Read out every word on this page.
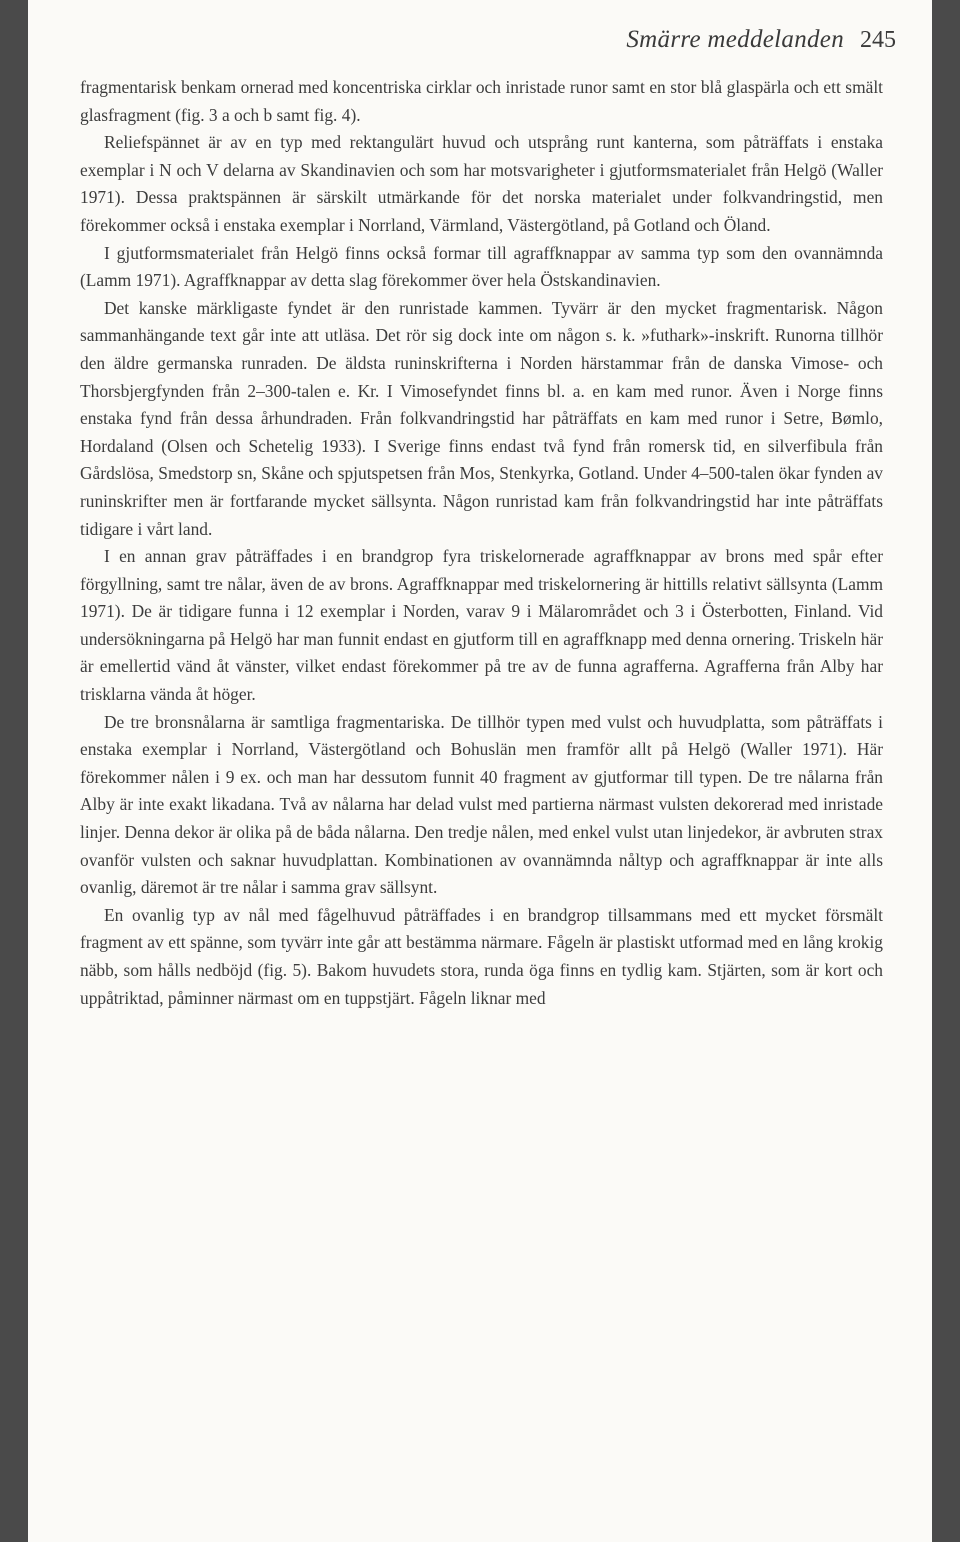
Smärre meddelanden 245

fragmentarisk benkam ornerad med koncentriska cirklar och inristade runor samt en stor blå glaspärla och ett smält glasfragment (fig. 3 a och b samt fig. 4).

Reliefspännet är av en typ med rektangulärt huvud och utsprång runt kanterna, som påträffats i enstaka exemplar i N och V delarna av Skandinavien och som har motsvarigheter i gjutformsmaterialet från Helgö (Waller 1971). Dessa praktspännen är särskilt utmärkande för det norska materialet under folkvandringstid, men förekommer också i enstaka exemplar i Norrland, Värmland, Västergötland, på Gotland och Öland.

I gjutformsmaterialet från Helgö finns också formar till agraffknappar av samma typ som den ovannämnda (Lamm 1971). Agraffknappar av detta slag förekommer över hela Östskandinavien.

Det kanske märkligaste fyndet är den runristade kammen. Tyvärr är den mycket fragmentarisk. Någon sammanhängande text går inte att utläsa. Det rör sig dock inte om någon s. k. »futhark»-inskrift. Runorna tillhör den äldre germanska runraden. De äldsta runinskrifterna i Norden härstammar från de danska Vimose- och Thorsbjergfynden från 2–300-talen e. Kr. I Vimosefyndet finns bl. a. en kam med runor. Även i Norge finns enstaka fynd från dessa århundraden. Från folkvandringstid har påträffats en kam med runor i Setre, Bømlo, Hordaland (Olsen och Schetelig 1933). I Sverige finns endast två fynd från romersk tid, en silverfibula från Gårdslösa, Smedstorp sn, Skåne och spjutspetsen från Mos, Stenkyrka, Gotland. Under 4–500-talen ökar fynden av runinskrifter men är fortfarande mycket sällsynta. Någon runristad kam från folkvandringstid har inte påträffats tidigare i vårt land.

I en annan grav påträffades i en brandgrop fyra triskelornerade agraffknappar av brons med spår efter förgyllning, samt tre nålar, även de av brons. Agraffknappar med triskelornering är hittills relativt sällsynta (Lamm 1971). De är tidigare funna i 12 exemplar i Norden, varav 9 i Mälarområdet och 3 i Österbotten, Finland. Vid undersökningarna på Helgö har man funnit endast en gjutform till en agraffknapp med denna ornering. Triskeln här är emellertid vänd åt vänster, vilket endast förekommer på tre av de funna agrafferna. Agrafferna från Alby har trisklarna vända åt höger.

De tre bronsnålarna är samtliga fragmentariska. De tillhör typen med vulst och huvudplatta, som påträffats i enstaka exemplar i Norrland, Västergötland och Bohuslän men framför allt på Helgö (Waller 1971). Här förekommer nålen i 9 ex. och man har dessutom funnit 40 fragment av gjutformar till typen. De tre nålarna från Alby är inte exakt likadana. Två av nålarna har delad vulst med partierna närmast vulsten dekorerad med inristade linjer. Denna dekor är olika på de båda nålarna. Den tredje nålen, med enkel vulst utan linjedekor, är avbruten strax ovanför vulsten och saknar huvudplattan. Kombinationen av ovannämnda nåltyp och agraffknappar är inte alls ovanlig, däremot är tre nålar i samma grav sällsynt.

En ovanlig typ av nål med fågelhuvud påträffades i en brandgrop tillsammans med ett mycket försmält fragment av ett spänne, som tyvärr inte går att bestämma närmare. Fågeln är plastiskt utformad med en lång krokig näbb, som hålls nedböjd (fig. 5). Bakom huvudets stora, runda öga finns en tydlig kam. Stjärten, som är kort och uppåtriktad, påminner närmast om en tuppstjärt. Fågeln liknar med
